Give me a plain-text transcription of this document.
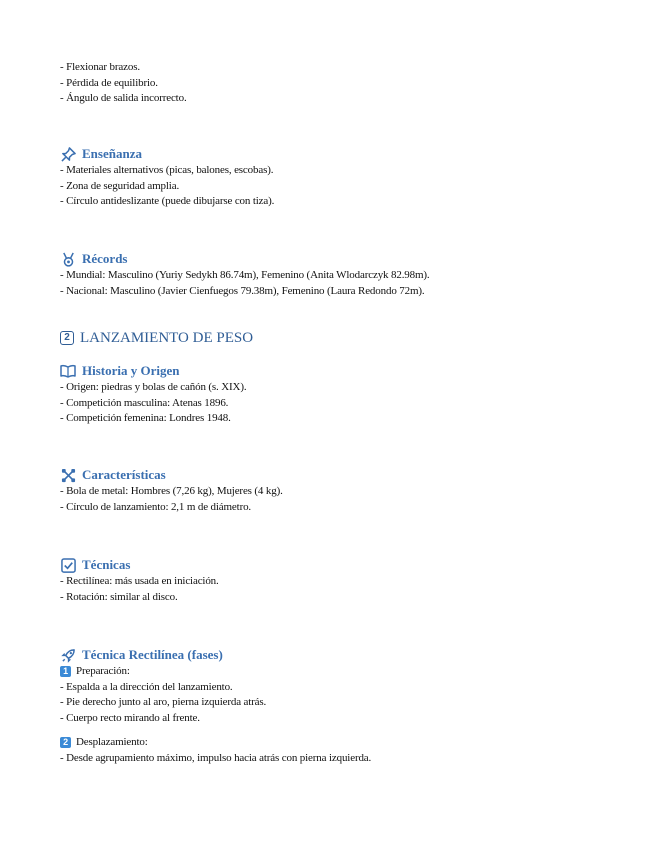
- Flexionar brazos.
- Pérdida de equilibrio.
- Ángulo de salida incorrecto.
Enseñanza
- Materiales alternativos (picas, balones, escobas).
- Zona de seguridad amplia.
- Círculo antideslizante (puede dibujarse con tiza).
Récords
- Mundial: Masculino (Yuriy Sedykh 86.74m), Femenino (Anita Wlodarczyk 82.98m).
- Nacional: Masculino (Javier Cienfuegos 79.38m), Femenino (Laura Redondo 72m).
2 LANZAMIENTO DE PESO
Historia y Origen
- Origen: piedras y bolas de cañón (s. XIX).
- Competición masculina: Atenas 1896.
- Competición femenina: Londres 1948.
Características
- Bola de metal: Hombres (7,26 kg), Mujeres (4 kg).
- Círculo de lanzamiento: 2,1 m de diámetro.
Técnicas
- Rectilínea: más usada en iniciación.
- Rotación: similar al disco.
Técnica Rectilínea (fases)
1 Preparación:
- Espalda a la dirección del lanzamiento.
- Pie derecho junto al aro, pierna izquierda atrás.
- Cuerpo recto mirando al frente.
2 Desplazamiento:
- Desde agrupamiento máximo, impulso hacia atrás con pierna izquierda.
